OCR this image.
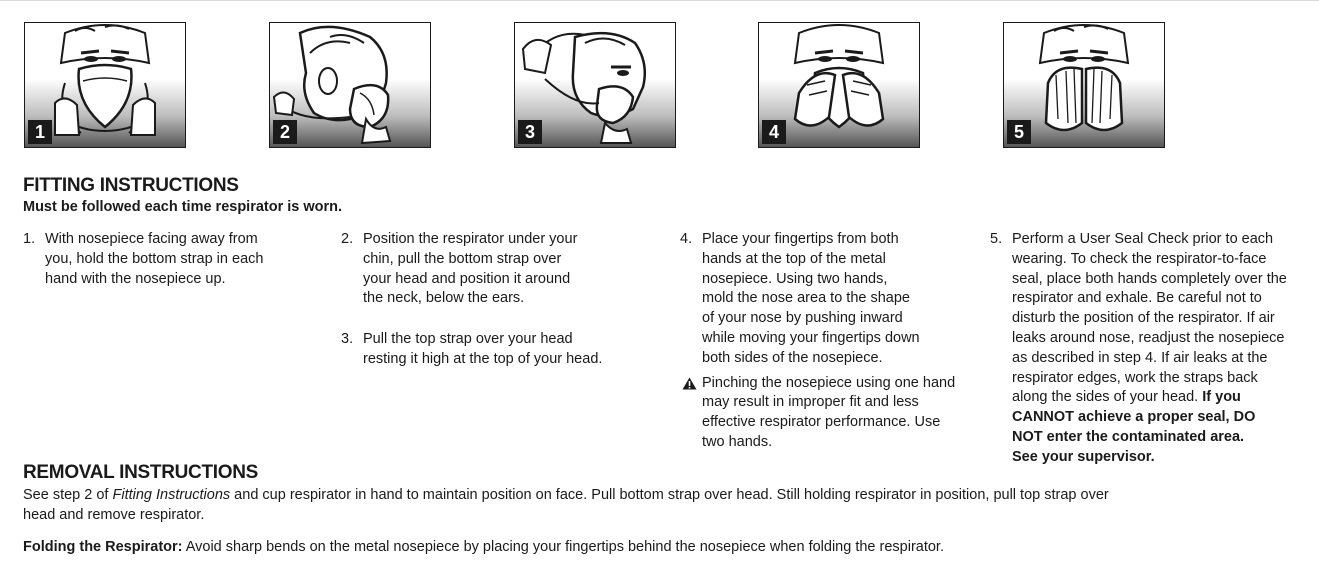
1	2	3	4	5
FITTING INSTRUCTIONS
Must be followed each time respirator is worn.
1. With nosepiece facing away from
you, hold the bottom strap in each
hand with the nosepiece up.
2. Position the respirator under your
chin, pull the bottom strap over
your head and position it around
the neck, below the ears.
3. Pull the top strap over your head
resting it high at the top of your head.
4. Place your fingertips from both
hands at the top of the metal
nosepiece. Using two hands,
mold the nose area to the shape
of your nose by pushing inward
while moving your fingertips down
both sides of the nosepiece.
Pinching the nosepiece using one hand may result in improper fit and less effective respirator performance. Use two hands.
5. Perform a User Seal Check prior to each
wearing. To check the respirator-to-face
seal, place both hands completely over the
respirator and exhale. Be careful not to
disturb the position of the respirator. If air
leaks around nose, readjust the nosepiece
as described in step 4. If air leaks at the
respirator edges, work the straps back
along the sides of your head. If you
CANNOT achieve a proper seal, DO
NOT enter the contaminated area.
See your supervisor.
REMOVAL INSTRUCTIONS
See step 2 of Fitting Instructions and cup respirator in hand to maintain position on face. Pull bottom strap over head. Still holding respirator in position, pull top strap over
head and remove respirator.
Folding the Respirator: Avoid sharp bends on the metal nosepiece by placing your fingertips behind the nosepiece when folding the respirator.
